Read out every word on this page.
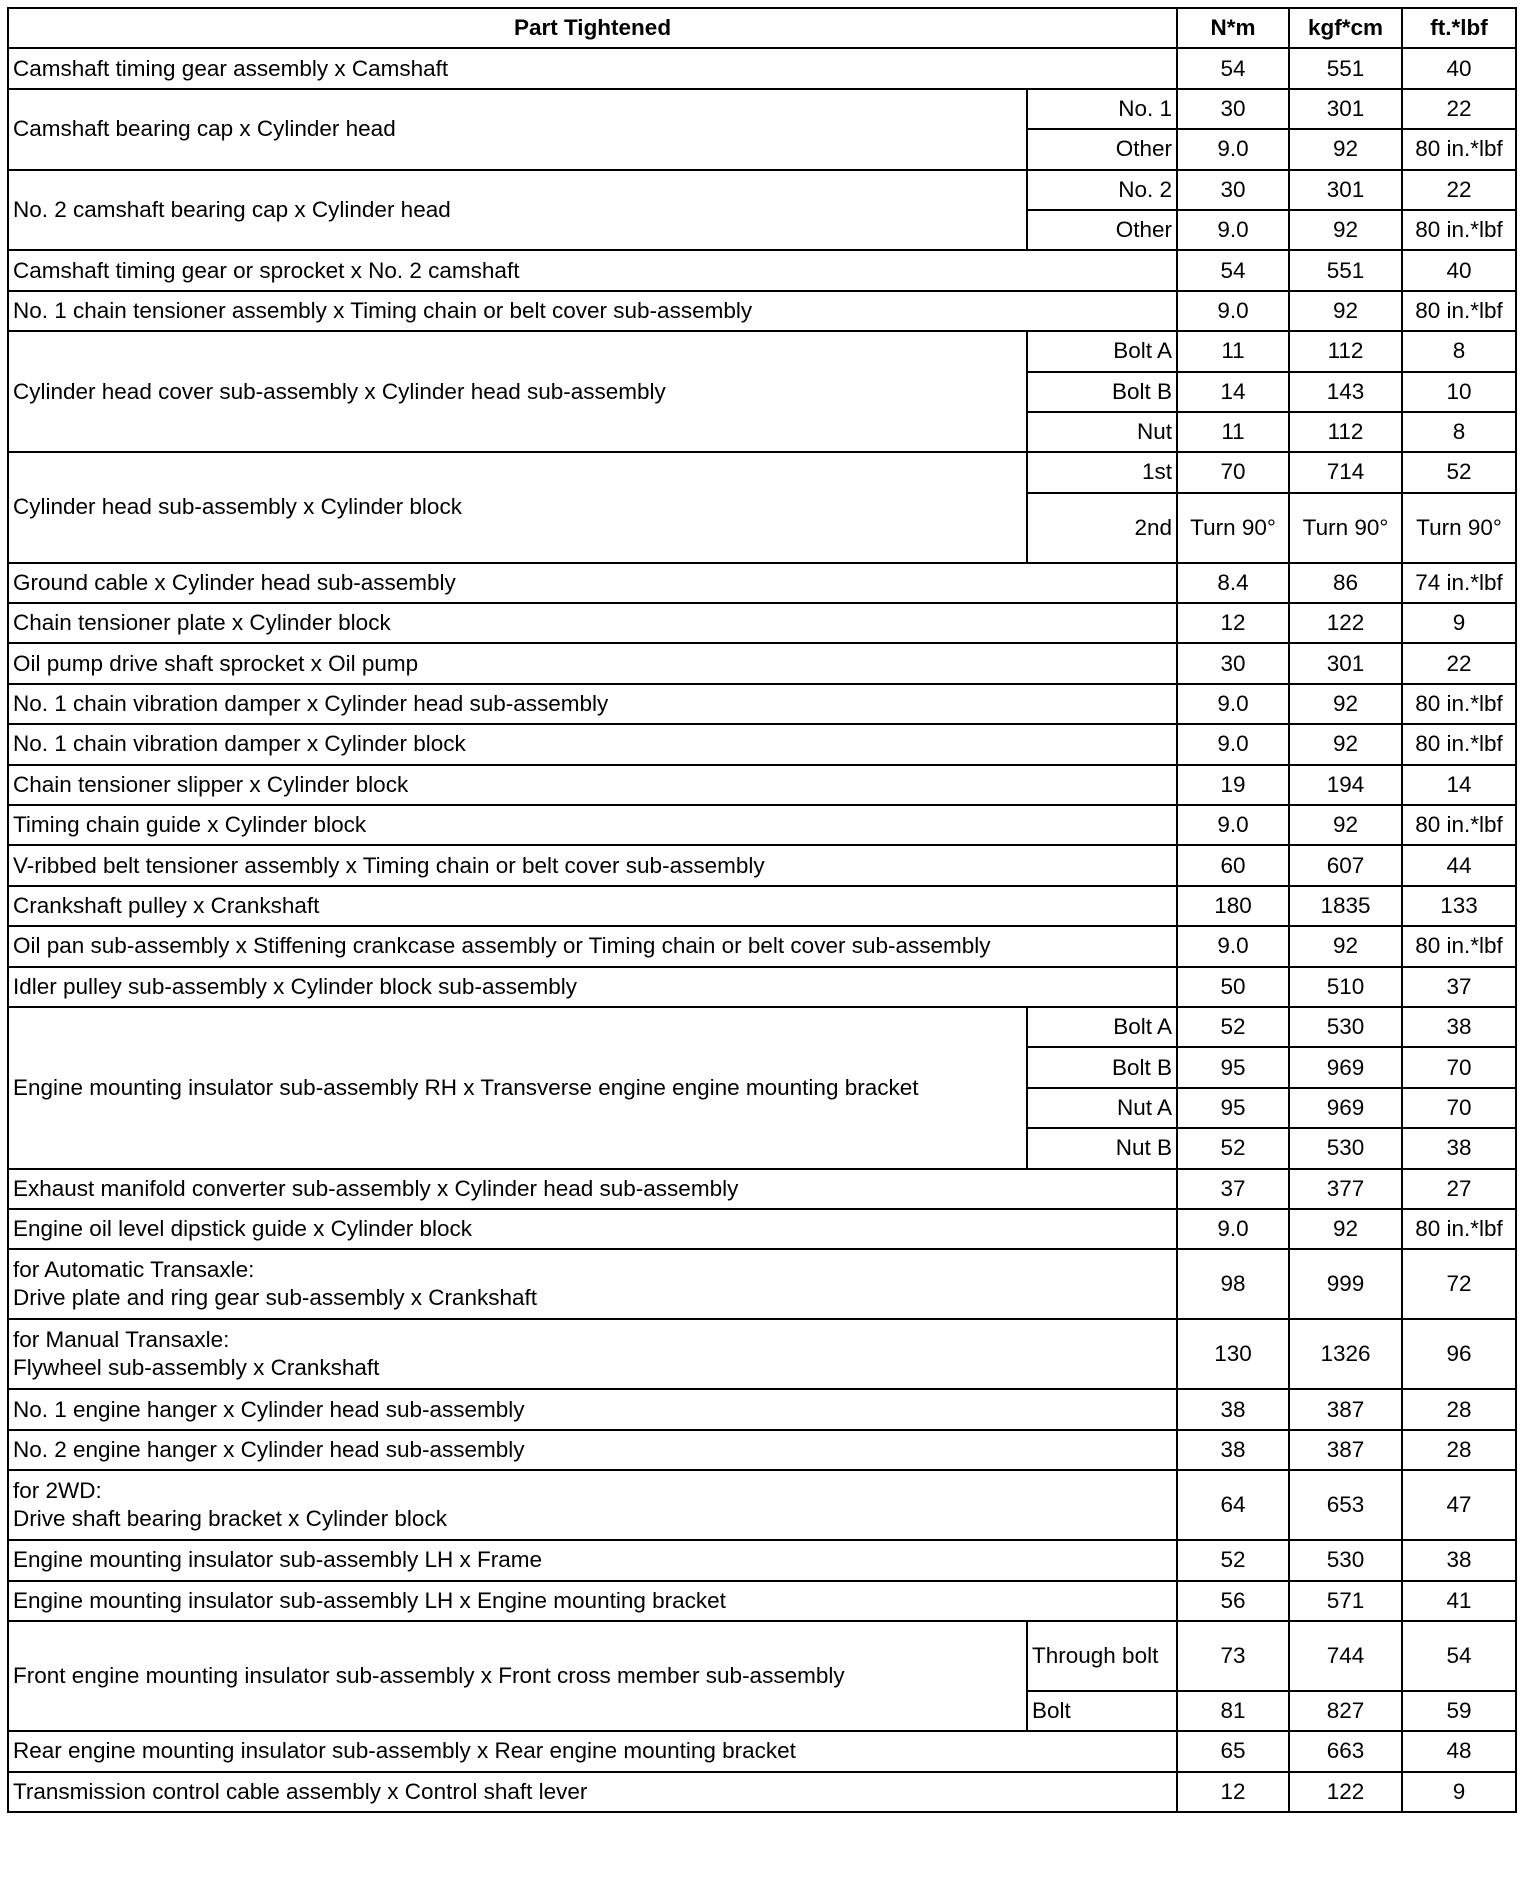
Part Tightened		N*m	kgf*cm	ft.*lbf
Camshaft timing gear assembly x Camshaft		54	551	40
Camshaft bearing cap x Cylinder head	No. 1	30	301	22
	Other	9.0	92	80 in.*lbf
No. 2 camshaft bearing cap x Cylinder head	No. 2	30	301	22
	Other	9.0	92	80 in.*lbf
Camshaft timing gear or sprocket x No. 2 camshaft		54	551	40
No. 1 chain tensioner assembly x Timing chain or belt cover sub-assembly		9.0	92	80 in.*lbf
Cylinder head cover sub-assembly x Cylinder head sub-assembly	Bolt A	11	112	8
	Bolt B	14	143	10
	Nut	11	112	8
Cylinder head sub-assembly x Cylinder block	1st	70	714	52
	2nd	Turn 90°	Turn 90°	Turn 90°
Ground cable x Cylinder head sub-assembly		8.4	86	74 in.*lbf
Chain tensioner plate x Cylinder block		12	122	9
Oil pump drive shaft sprocket x Oil pump		30	301	22
No. 1 chain vibration damper x Cylinder head sub-assembly		9.0	92	80 in.*lbf
No. 1 chain vibration damper x Cylinder block		9.0	92	80 in.*lbf
Chain tensioner slipper x Cylinder block		19	194	14
Timing chain guide x Cylinder block		9.0	92	80 in.*lbf
V-ribbed belt tensioner assembly x Timing chain or belt cover sub-assembly		60	607	44
Crankshaft pulley x Crankshaft		180	1835	133
Oil pan sub-assembly x Stiffening crankcase assembly or Timing chain or belt cover sub-assembly		9.0	92	80 in.*lbf
Idler pulley sub-assembly x Cylinder block sub-assembly		50	510	37
Engine mounting insulator sub-assembly RH x Transverse engine engine mounting bracket	Bolt A	52	530	38
	Bolt B	95	969	70
	Nut A	95	969	70
	Nut B	52	530	38
Exhaust manifold converter sub-assembly x Cylinder head sub-assembly		37	377	27
Engine oil level dipstick guide x Cylinder block		9.0	92	80 in.*lbf

for Automatic Transaxle:
Drive plate and ring gear sub-assembly x Crankshaft		98	999	72

for Manual Transaxle:
Flywheel sub-assembly x Crankshaft		130	1326	96
No. 1 engine hanger x Cylinder head sub-assembly		38	387	28
No. 2 engine hanger x Cylinder head sub-assembly		38	387	28

for 2WD:
Drive shaft bearing bracket x Cylinder block		64	653	47
Engine mounting insulator sub-assembly LH x Frame		52	530	38
Engine mounting insulator sub-assembly LH x Engine mounting bracket		56	571	41
Front engine mounting insulator sub-assembly x Front cross member sub-assembly	Through bolt	73	744	54
	Bolt	81	827	59
Rear engine mounting insulator sub-assembly x Rear engine mounting bracket		65	663	48
Transmission control cable assembly x Control shaft lever		12	122	9
